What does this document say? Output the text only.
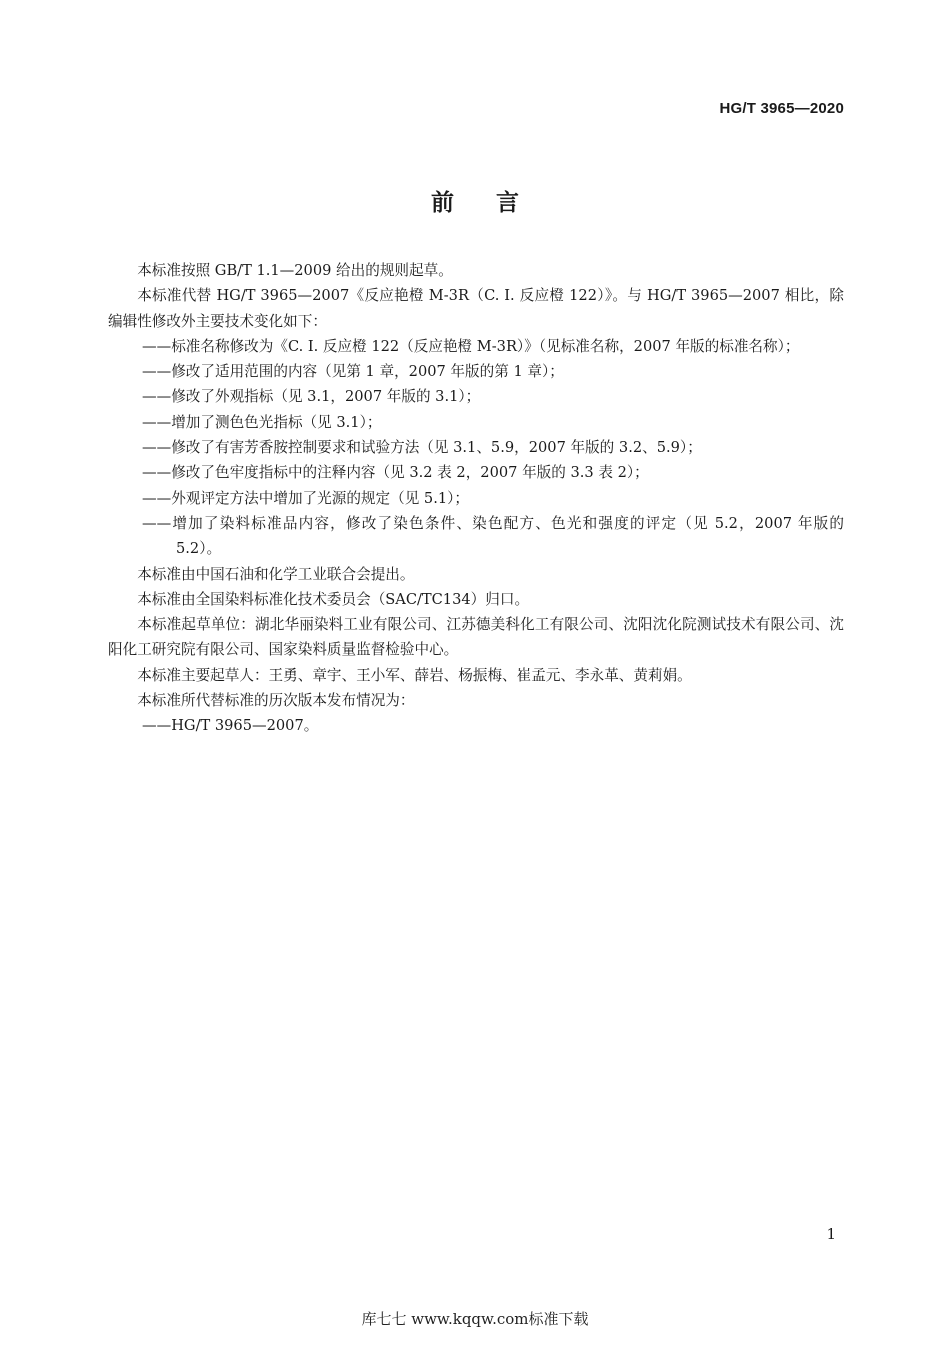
HG/T 3965—2020
前言

本标准按照 GB/T 1.1—2009 给出的规则起草。

本标准代替 HG/T 3965—2007《反应艳橙 M-3R（C. I. 反应橙 122）》。与 HG/T 3965—2007 相比，除编辑性修改外主要技术变化如下：

——标准名称修改为《C. I. 反应橙 122（反应艳橙 M-3R）》（见标准名称，2007 年版的标准名称）；

——修改了适用范围的内容（见第 1 章，2007 年版的第 1 章）；

——修改了外观指标（见 3.1，2007 年版的 3.1）；

——增加了测色色光指标（见 3.1）；

——修改了有害芳香胺控制要求和试验方法（见 3.1、5.9，2007 年版的 3.2、5.9）；

——修改了色牢度指标中的注释内容（见 3.2 表 2，2007 年版的 3.3 表 2）；

——外观评定方法中增加了光源的规定（见 5.1）；

——增加了染料标准品内容，修改了染色条件、染色配方、色光和强度的评定（见 5.2，2007 年版的 5.2）。

本标准由中国石油和化学工业联合会提出。

本标准由全国染料标准化技术委员会（SAC/TC134）归口。

本标准起草单位：湖北华丽染料工业有限公司、江苏德美科化工有限公司、沈阳沈化院测试技术有限公司、沈阳化工研究院有限公司、国家染料质量监督检验中心。

本标准主要起草人：王勇、章宇、王小军、薛岩、杨振梅、崔孟元、李永革、黄莉娟。

本标准所代替标准的历次版本发布情况为：

——HG/T 3965—2007。

1
库七七 www.kqqw.com标准下载
